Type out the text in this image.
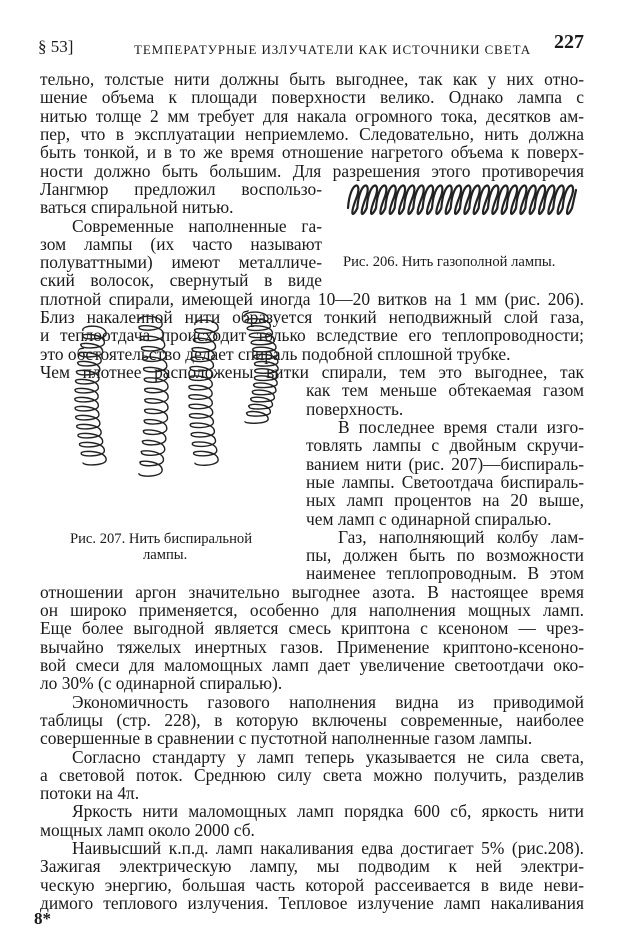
§ 53]	ТЕМПЕРАТУРНЫЕ ИЗЛУЧАТЕЛИ КАК ИСТОЧНИКИ СВЕТА 227
тельно, толстые нити должны быть выгоднее, так как у них отно-
шение объема к площади поверхности велико. Однако лампа с
нитью толще 2 мм требует для накала огромного тока, десятков ам-
пер, что в эксплуатации неприемлемо. Следовательно, нить должна
быть тонкой, и в то же время отношение нагретого объема к поверх-
ности должно быть большим. Для разрешения этого противоречия
Лангмюр предложил воспользо-
ваться спиральной нитью.
Современные наполненные га-
зом лампы (их часто называют
полуваттными) имеют металличе-
ский волосок, свернутый в виде
Рис. 206. Нить газополной лампы.
плотной спирали, имеющей иногда 10—20 витков на 1 мм (рис. 206).
Близ накаленной нити образуется тонкий неподвижный слой газа,
и теплоотдача происходит только вследствие его теплопроводности;
это обстоятельство делает спираль подобной сплошной трубке.
Чем плотнее расположены витки спирали, тем это выгоднее, так
как тем меньше обтекаемая газом
поверхность.
В последнее время стали изго-
товлять лампы с двойным скручи-
ванием нити (рис. 207)—биспираль-
ные лампы. Светоотдача биспираль-
ных ламп процентов на 20 выше,
чем ламп с одинарной спиралью.
Газ, наполняющий колбу лам-
пы, должен быть по возможности
наименее теплопроводным. В этом
Рис. 207. Нить биспиральной
лампы.
отношении аргон значительно выгоднее азота. В настоящее время
он широко применяется, особенно для наполнения мощных ламп.
Еще более выгодной является смесь криптона с ксеноном — чрез-
вычайно тяжелых инертных газов. Применение криптоно-ксеноно-
вой смеси для маломощных ламп дает увеличение светоотдачи око-
ло 30% (с одинарной спиралью).
Экономичность газового наполнения видна из приводимой
таблицы (стр. 228), в которую включены современные, наиболее
совершенные в сравнении с пустотной наполненные газом лампы.
Согласно стандарту у ламп теперь указывается не сила света,
а световой поток. Среднюю силу света можно получить, разделив
потоки на 4π.
Яркость нити маломощных ламп порядка 600 сб, яркость нити
мощных ламп около 2000 сб.
Наивысший к.п.д. ламп накаливания едва достигает 5% (рис.208).
Зажигая электрическую лампу, мы подводим к ней электри-
ческую энергию, большая часть которой рассеивается в виде неви-
димого теплового излучения. Тепловое излучение ламп накаливания
8*
